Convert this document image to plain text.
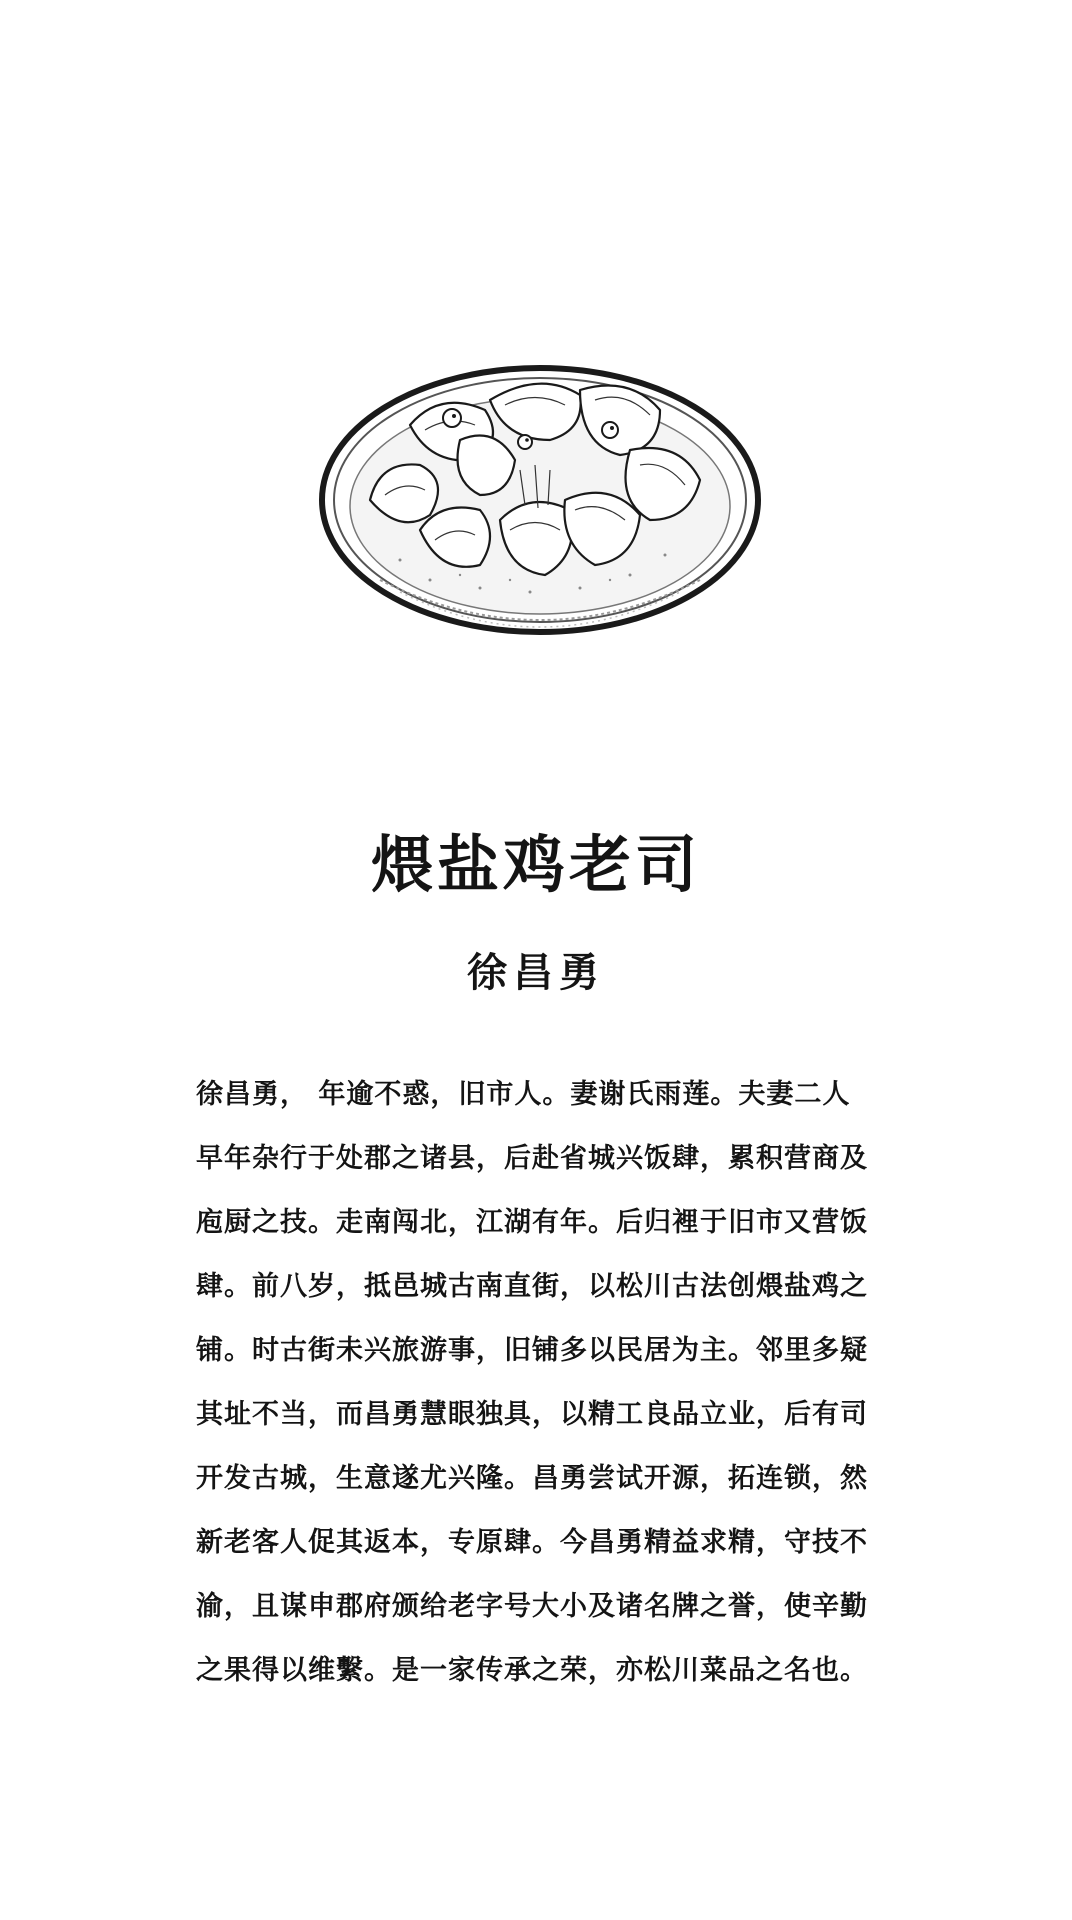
煨盐鸡老司
徐昌勇
徐昌勇， 年逾不惑，旧市人。妻谢氏雨莲。夫妻二人
早年杂行于处郡之诸县，后赴省城兴饭肆，累积营商及
庖厨之技。走南闯北，江湖有年。后归裡于旧市又营饭
肆。前八岁，抵邑城古南直街，以松川古法创煨盐鸡之
铺。时古街未兴旅游事，旧铺多以民居为主。邻里多疑
其址不当，而昌勇慧眼独具，以精工良品立业，后有司
开发古城，生意遂尤兴隆。昌勇尝试开源，拓连锁，然
新老客人促其返本，专原肆。今昌勇精益求精，守技不
渝，且谋申郡府颁给老字号大小及诸名牌之誉，使辛勤
之果得以维繫。是一家传承之荣，亦松川菜品之名也。
